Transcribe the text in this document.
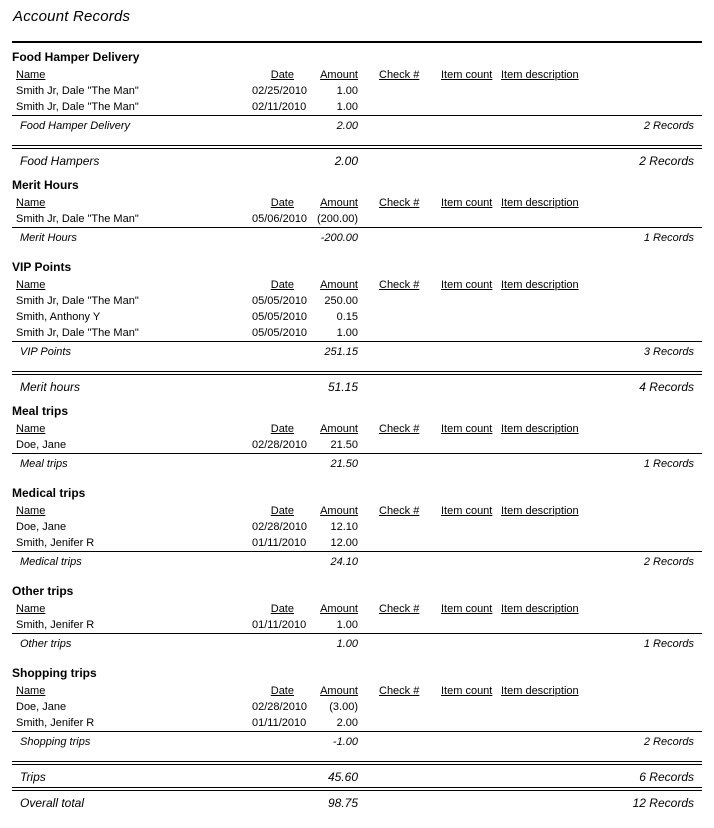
Account Records
Food Hamper Delivery
Name	Date	Amount	Check #	Item count	Item description	
Smith Jr, Dale "The Man"	02/25/2010	1.00				
Smith Jr, Dale "The Man"	02/11/2010	1.00				
Food Hamper Delivery		2.00				2 Records
Food Hampers		2.00				2 Records
Merit Hours
Name	Date	Amount	Check #	Item count	Item description	
Smith Jr, Dale "The Man"	05/06/2010	(200.00)				
Merit Hours		-200.00				1 Records
VIP Points
Name	Date	Amount	Check #	Item count	Item description	
Smith Jr, Dale "The Man"	05/05/2010	250.00				
Smith, Anthony Y	05/05/2010	0.15				
Smith Jr, Dale "The Man"	05/05/2010	1.00				
VIP Points		251.15				3 Records
Merit hours		51.15				4 Records
Meal trips
Name	Date	Amount	Check #	Item count	Item description	
Doe, Jane	02/28/2010	21.50				
Meal trips		21.50				1 Records
Medical trips
Name	Date	Amount	Check #	Item count	Item description	
Doe, Jane	02/28/2010	12.10				
Smith, Jenifer R	01/11/2010	12.00				
Medical trips		24.10				2 Records
Other trips
Name	Date	Amount	Check #	Item count	Item description	
Smith, Jenifer R	01/11/2010	1.00				
Other trips		1.00				1 Records
Shopping trips
Name	Date	Amount	Check #	Item count	Item description	
Doe, Jane	02/28/2010	(3.00)				
Smith, Jenifer R	01/11/2010	2.00				
Shopping trips		-1.00				2 Records
Trips		45.60				6 Records
Overall total		98.75				12 Records
